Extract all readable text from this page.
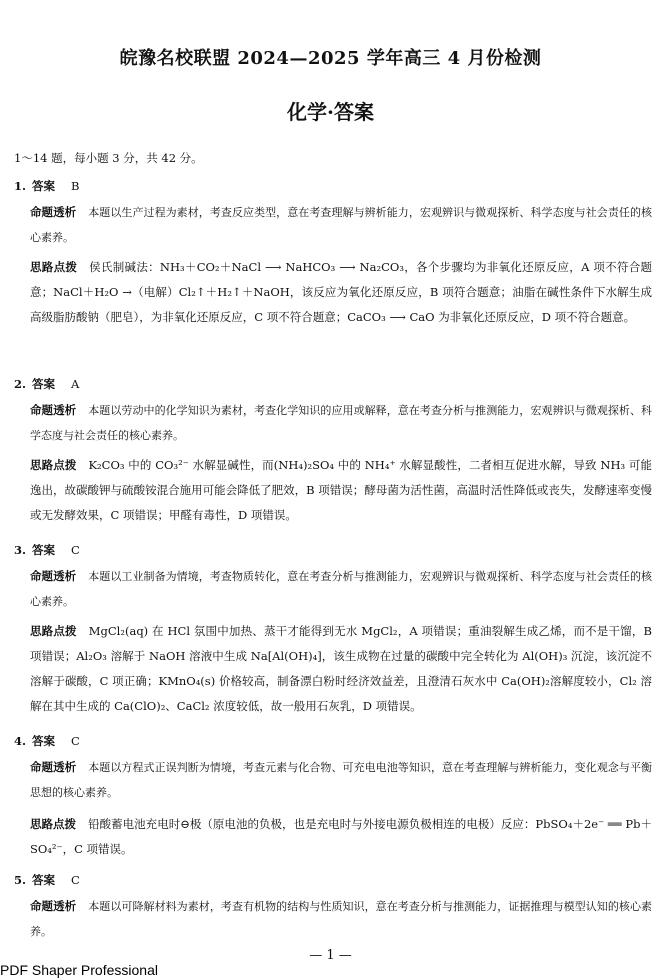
皖豫名校联盟 2024—2025 学年高三 4 月份检测
化学·答案
1～14 题，每小题 3 分，共 42 分。
1. 答案 B

命题透析 本题以生产过程为素材，考查反应类型，意在考查理解与辨析能力，宏观辨识与微观探析、科学态度与社会责任的核心素养。

思路点拨 侯氏制碱法：NH₃＋CO₂＋NaCl ⟶ NaHCO₃ ⟶ Na₂CO₃，各个步骤均为非氧化还原反应，A 项不符合题意；NaCl＋H₂O →（电解）Cl₂↑＋H₂↑＋NaOH，该反应为氧化还原反应，B 项符合题意；油脂在碱性条件下水解生成高级脂肪酸钠（肥皂），为非氧化还原反应，C 项不符合题意；CaCO₃ ⟶ CaO 为非氧化还原反应，D 项不符合题意。

2. 答案 A

命题透析 本题以劳动中的化学知识为素材，考查化学知识的应用或解释，意在考查分析与推测能力，宏观辨识与微观探析、科学态度与社会责任的核心素养。

思路点拨 K₂CO₃ 中的 CO₃²⁻ 水解显碱性，而(NH₄)₂SO₄ 中的 NH₄⁺ 水解显酸性，二者相互促进水解，导致 NH₃ 可能逸出，故碳酸钾与硫酸铵混合施用可能会降低了肥效，B 项错误；酵母菌为活性菌，高温时活性降低或丧失，发酵速率变慢或无发酵效果，C 项错误；甲醛有毒性，D 项错误。

3. 答案 C

命题透析 本题以工业制备为情境，考查物质转化，意在考查分析与推测能力，宏观辨识与微观探析、科学态度与社会责任的核心素养。

思路点拨 MgCl₂(aq) 在 HCl 氛围中加热、蒸干才能得到无水 MgCl₂，A 项错误；重油裂解生成乙烯，而不是干馏，B 项错误；Al₂O₃ 溶解于 NaOH 溶液中生成 Na[Al(OH)₄]，该生成物在过量的碳酸中完全转化为 Al(OH)₃ 沉淀，该沉淀不溶解于碳酸，C 项正确；KMnO₄(s) 价格较高，制备漂白粉时经济效益差，且澄清石灰水中 Ca(OH)₂溶解度较小，Cl₂ 溶解在其中生成的 Ca(ClO)₂、CaCl₂ 浓度较低，故一般用石灰乳，D 项错误。

4. 答案 C

命题透析 本题以方程式正误判断为情境，考查元素与化合物、可充电电池等知识，意在考查理解与辨析能力，变化观念与平衡思想的核心素养。

思路点拨 铅酸蓄电池充电时⊖极（原电池的负极，也是充电时与外接电源负极相连的电极）反应：PbSO₄＋2e⁻ ══ Pb＋SO₄²⁻，C 项错误。

5. 答案 C

命题透析 本题以可降解材料为素材，考查有机物的结构与性质知识，意在考查分析与推测能力，证据推理与模型认知的核心素养。

— 1 —
PDF Shaper Professional
